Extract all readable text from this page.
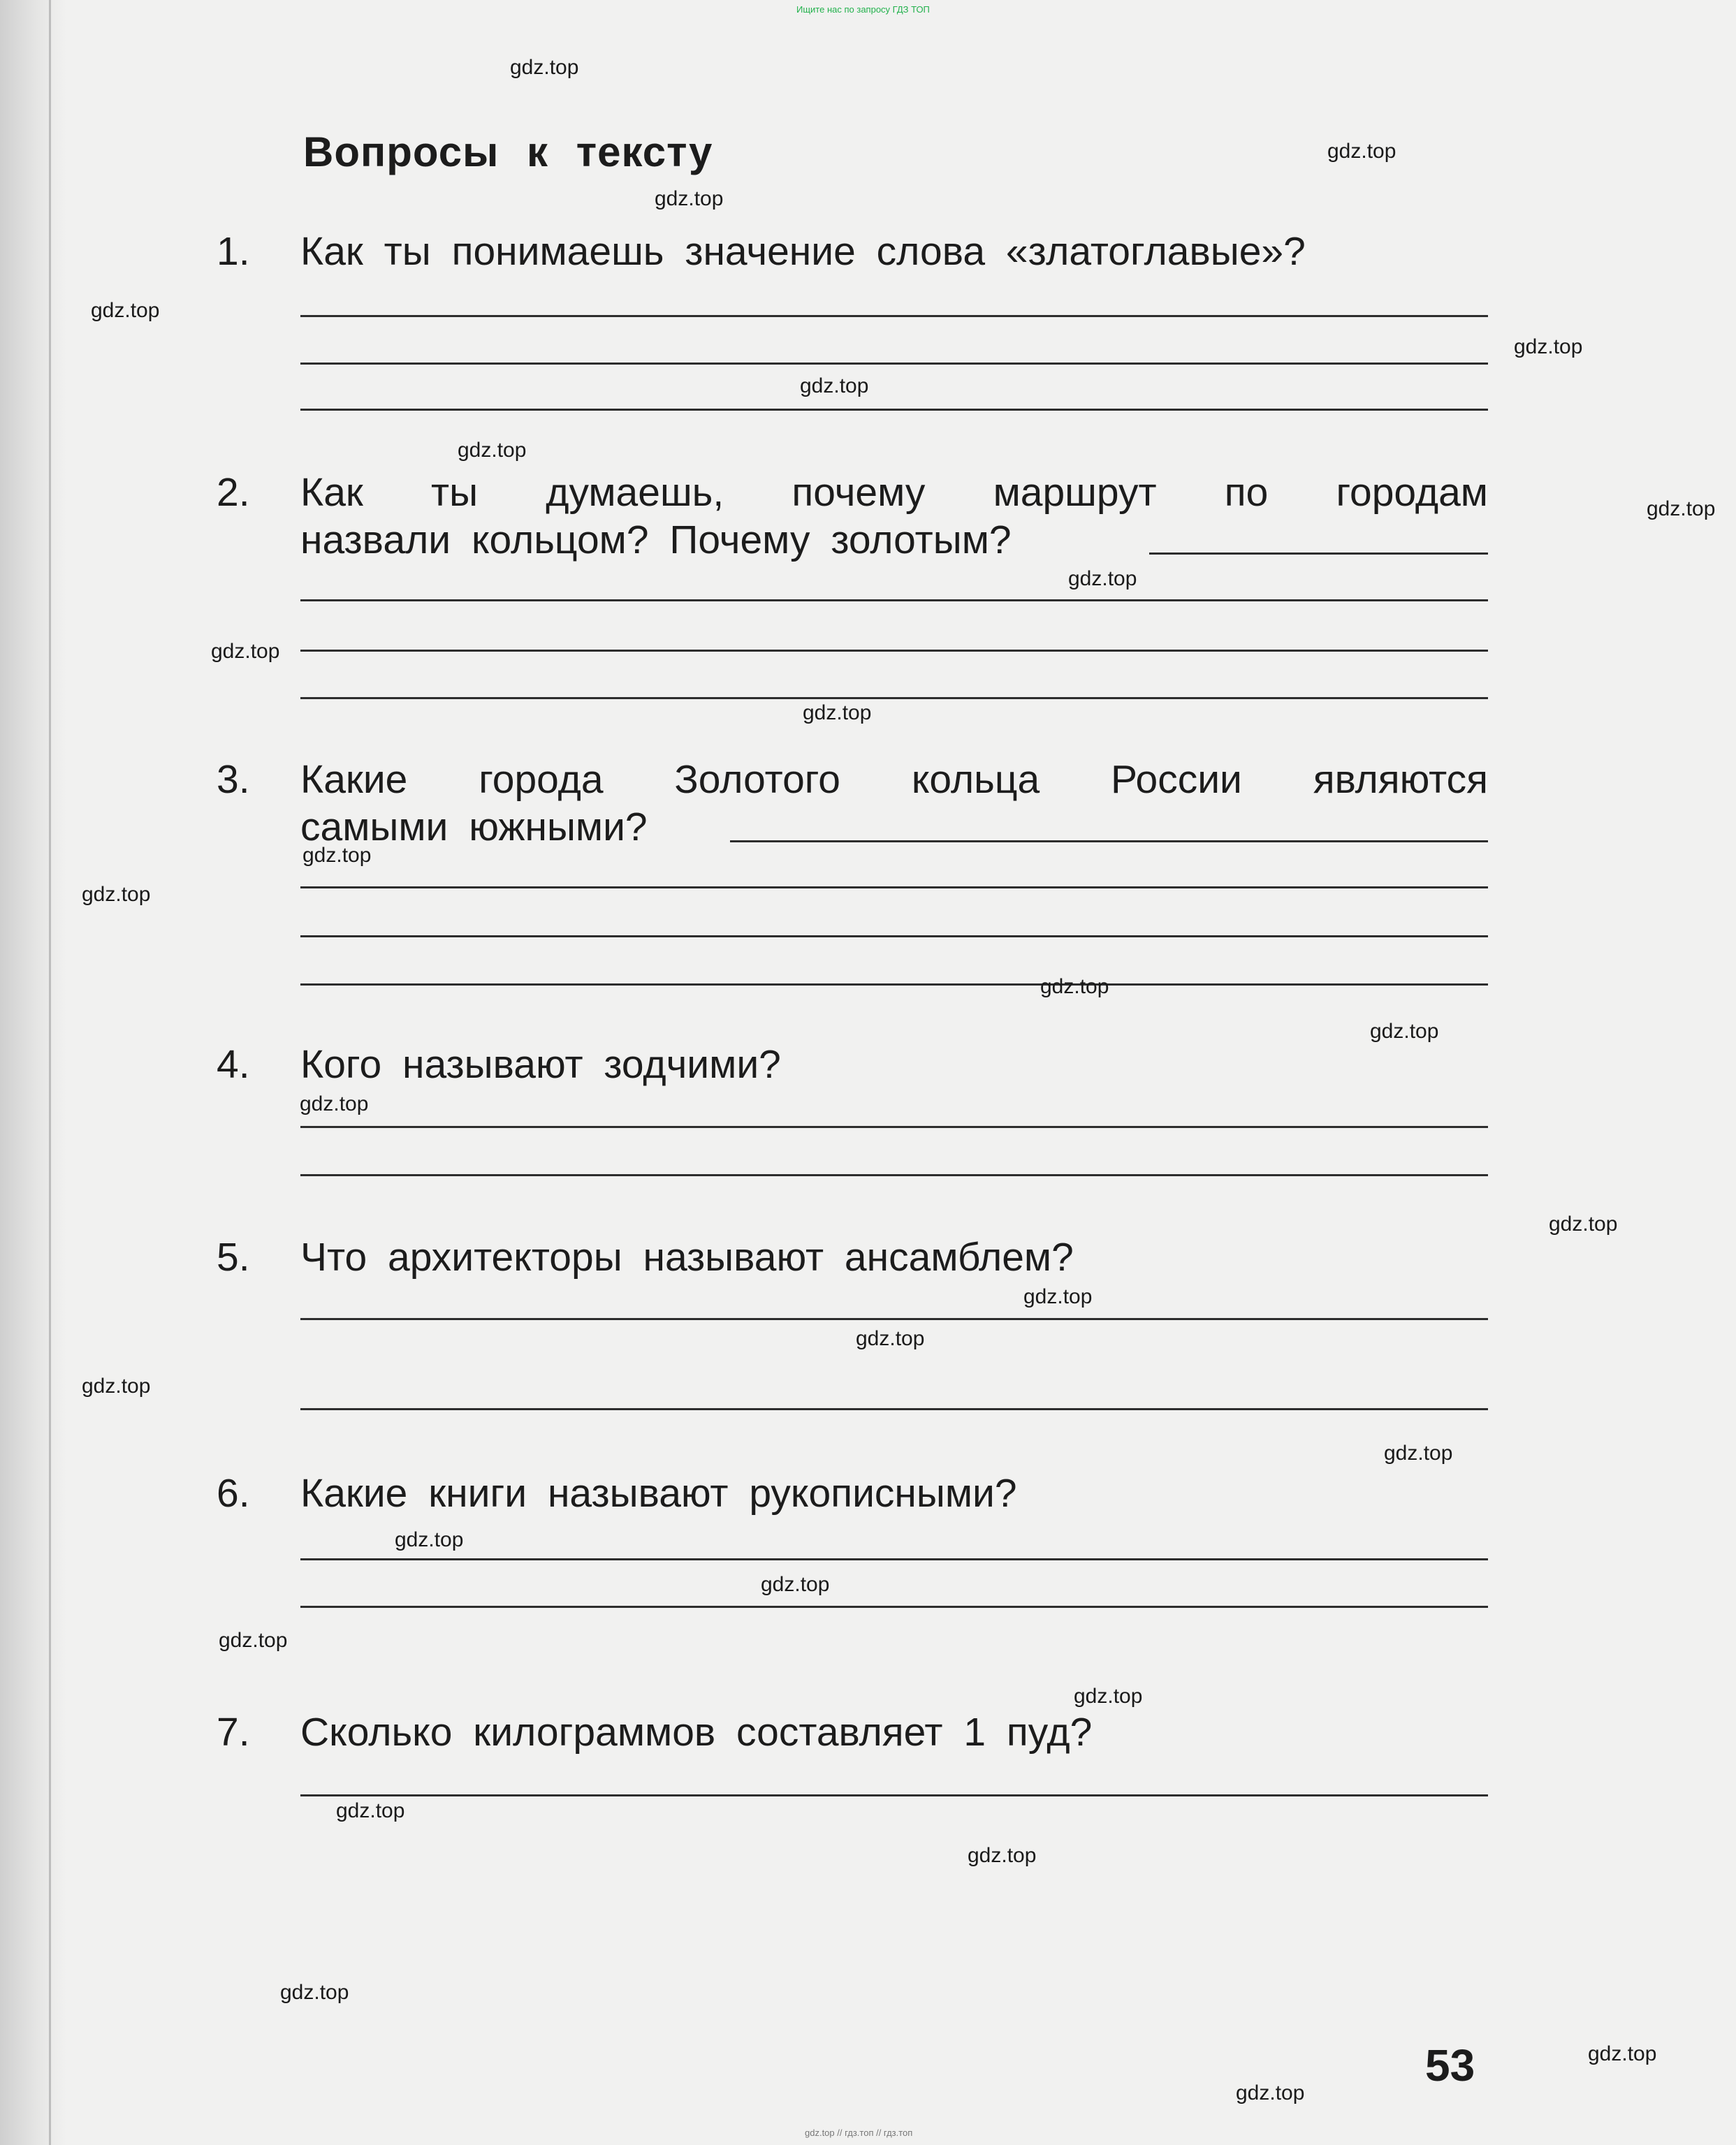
Ищите нас по запросу ГДЗ ТОП
Вопросы к тексту
1. Как ты понимаешь значение слова «златоглавые»?
2. Как ты думаешь, почему маршрут по городам
назвали кольцом? Почему золотым?
3. Какие города Золотого кольца России являются
самыми южными?
4. Кого называют зодчими?
5. Что архитекторы называют ансамблем?
6. Какие книги называют рукописными?
7. Сколько килограммов составляет 1 пуд?
53
gdz.top
gdz.top
gdz.top
gdz.top
gdz.top
gdz.top
gdz.top
gdz.top
gdz.top
gdz.top
gdz.top
gdz.top
gdz.top
gdz.top
gdz.top
gdz.top
gdz.top
gdz.top
gdz.top
gdz.top
gdz.top
gdz.top
gdz.top
gdz.top
gdz.top
gdz.top
gdz.top
gdz.top
gdz.top
gdz.top
gdz.top // гдз.топ // гдз.топ
